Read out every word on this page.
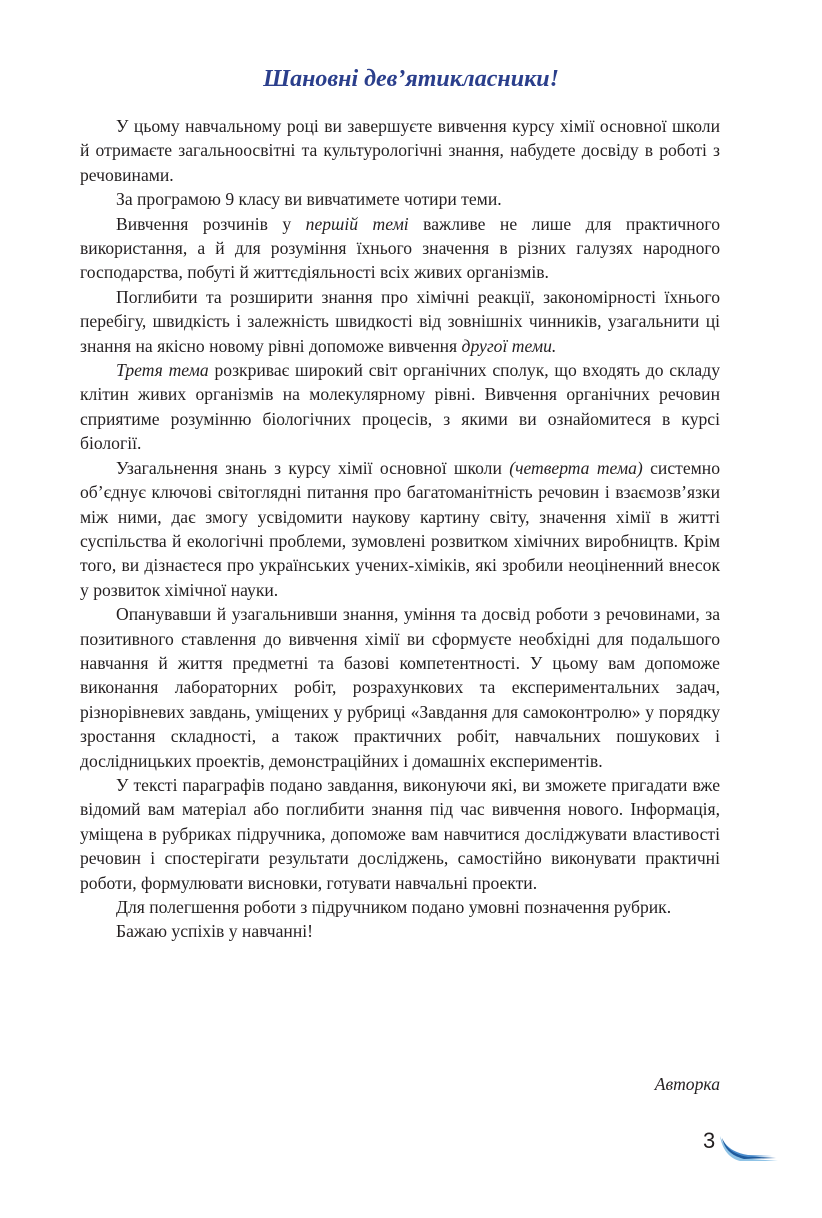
Шановні дев’ятикласники!

У цьому навчальному році ви завершуєте вивчення курсу хімії основної школи й отримаєте загальноосвітні та культурологічні знання, набудете досвіду в роботі з речовинами.

За програмою 9 класу ви вивчатимете чотири теми.

Вивчення розчинів у першій темі важливе не лише для практичного використання, а й для розуміння їхнього значення в різних галузях народного господарства, побуті й життєдіяльності всіх живих організмів.

Поглибити та розширити знання про хімічні реакції, закономірності їхнього перебігу, швидкість і залежність швидкості від зовнішніх чинників, узагальнити ці знання на якісно новому рівні допоможе вивчення другої теми.

Третя тема розкриває широкий світ органічних сполук, що входять до складу клітин живих організмів на молекулярному рівні. Вивчення органічних речовин сприятиме розумінню біологічних процесів, з якими ви ознайомитеся в курсі біології.

Узагальнення знань з курсу хімії основної школи (четверта тема) системно об’єднує ключові світоглядні питання про багатоманітність речовин і взаємозв’язки між ними, дає змогу усвідомити наукову картину світу, значення хімії в житті суспільства й екологічні проблеми, зумовлені розвитком хімічних виробництв. Крім того, ви дізнаєтеся про українських учених-хіміків, які зробили неоціненний внесок у розвиток хімічної науки.

Опанувавши й узагальнивши знання, уміння та досвід роботи з речовинами, за позитивного ставлення до вивчення хімії ви сформуєте необхідні для подальшого навчання й життя предметні та базові компетентності. У цьому вам допоможе виконання лабораторних робіт, розрахункових та експериментальних задач, різнорівневих завдань, уміщених у рубриці «Завдання для самоконтролю» у порядку зростання складності, а також практичних робіт, навчальних пошукових і дослідницьких проектів, демонстраційних і домашніх експериментів.

У тексті параграфів подано завдання, виконуючи які, ви зможете пригадати вже відомий вам матеріал або поглибити знання під час вивчення нового. Інформація, уміщена в рубриках підручника, допоможе вам навчитися досліджувати властивості речовин і спостерігати результати досліджень, самостійно виконувати практичні роботи, формулювати висновки, готувати навчальні проекти.

Для полегшення роботи з підручником подано умовні позначення рубрик.

Бажаю успіхів у навчанні!

Авторка

3
